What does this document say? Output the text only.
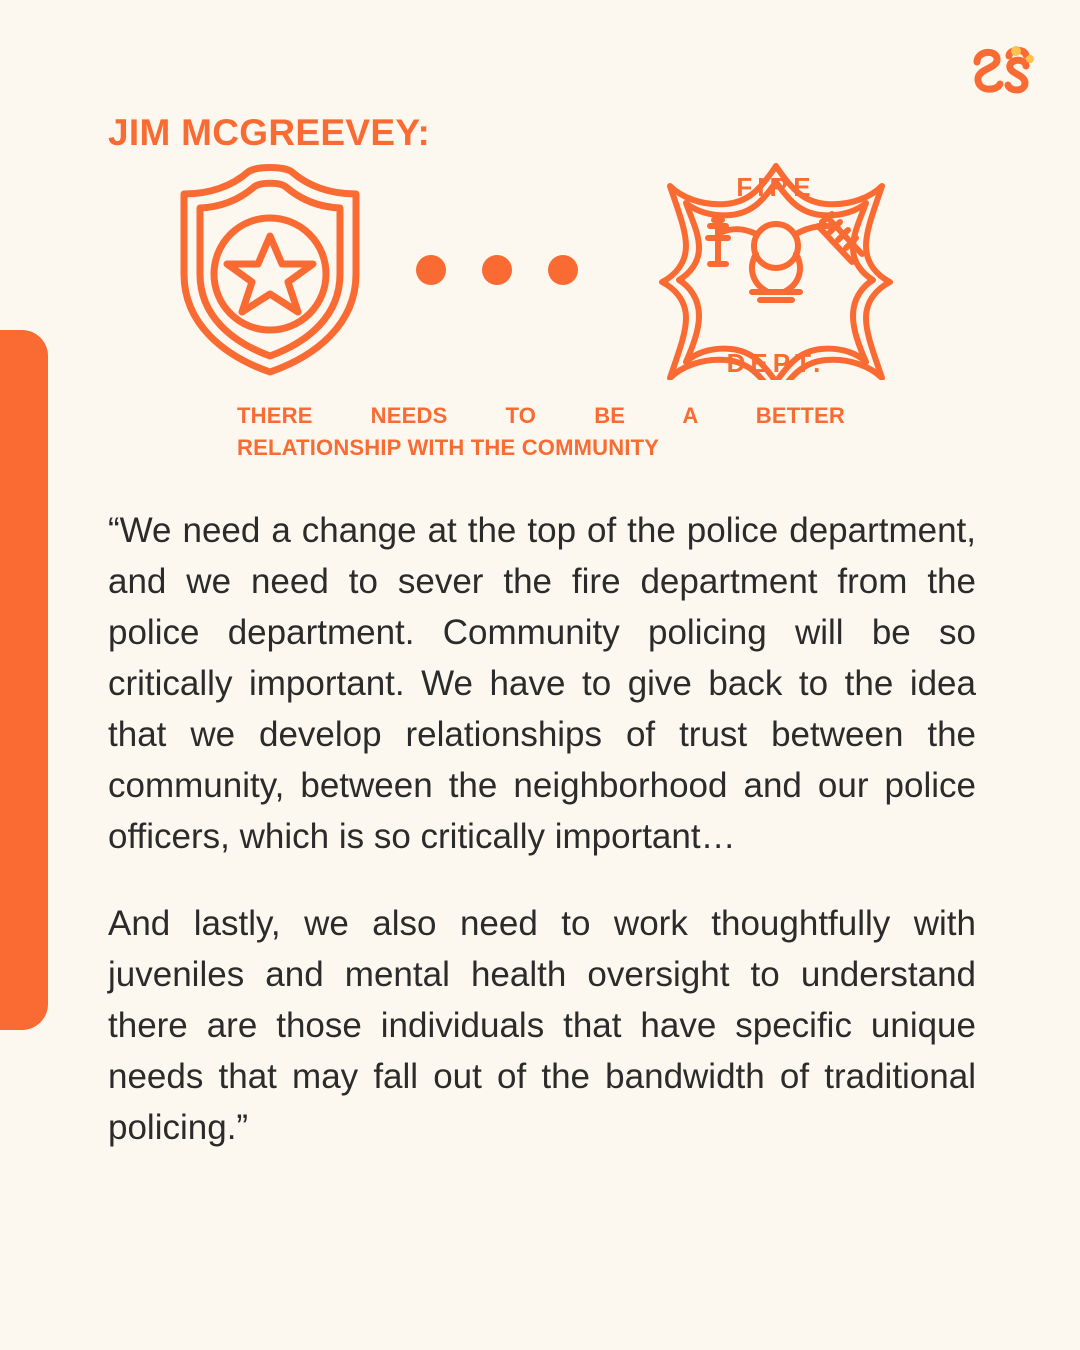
JIM MCGREEVEY:
FIRE
DEPT.
THERE NEEDS TO BE A BETTER
RELATIONSHIP WITH THE COMMUNITY

“We need a change at the top of the police department, and we need to sever the fire department from the police department. Community policing will be so critically important. We have to give back to the idea that we develop relationships of trust between the community, between the neighborhood and our police officers, which is so critically important…

And lastly, we also need to work thoughtfully with juveniles and mental health oversight to understand there are those individuals that have specific unique needs that may fall out of the bandwidth of traditional policing.”
